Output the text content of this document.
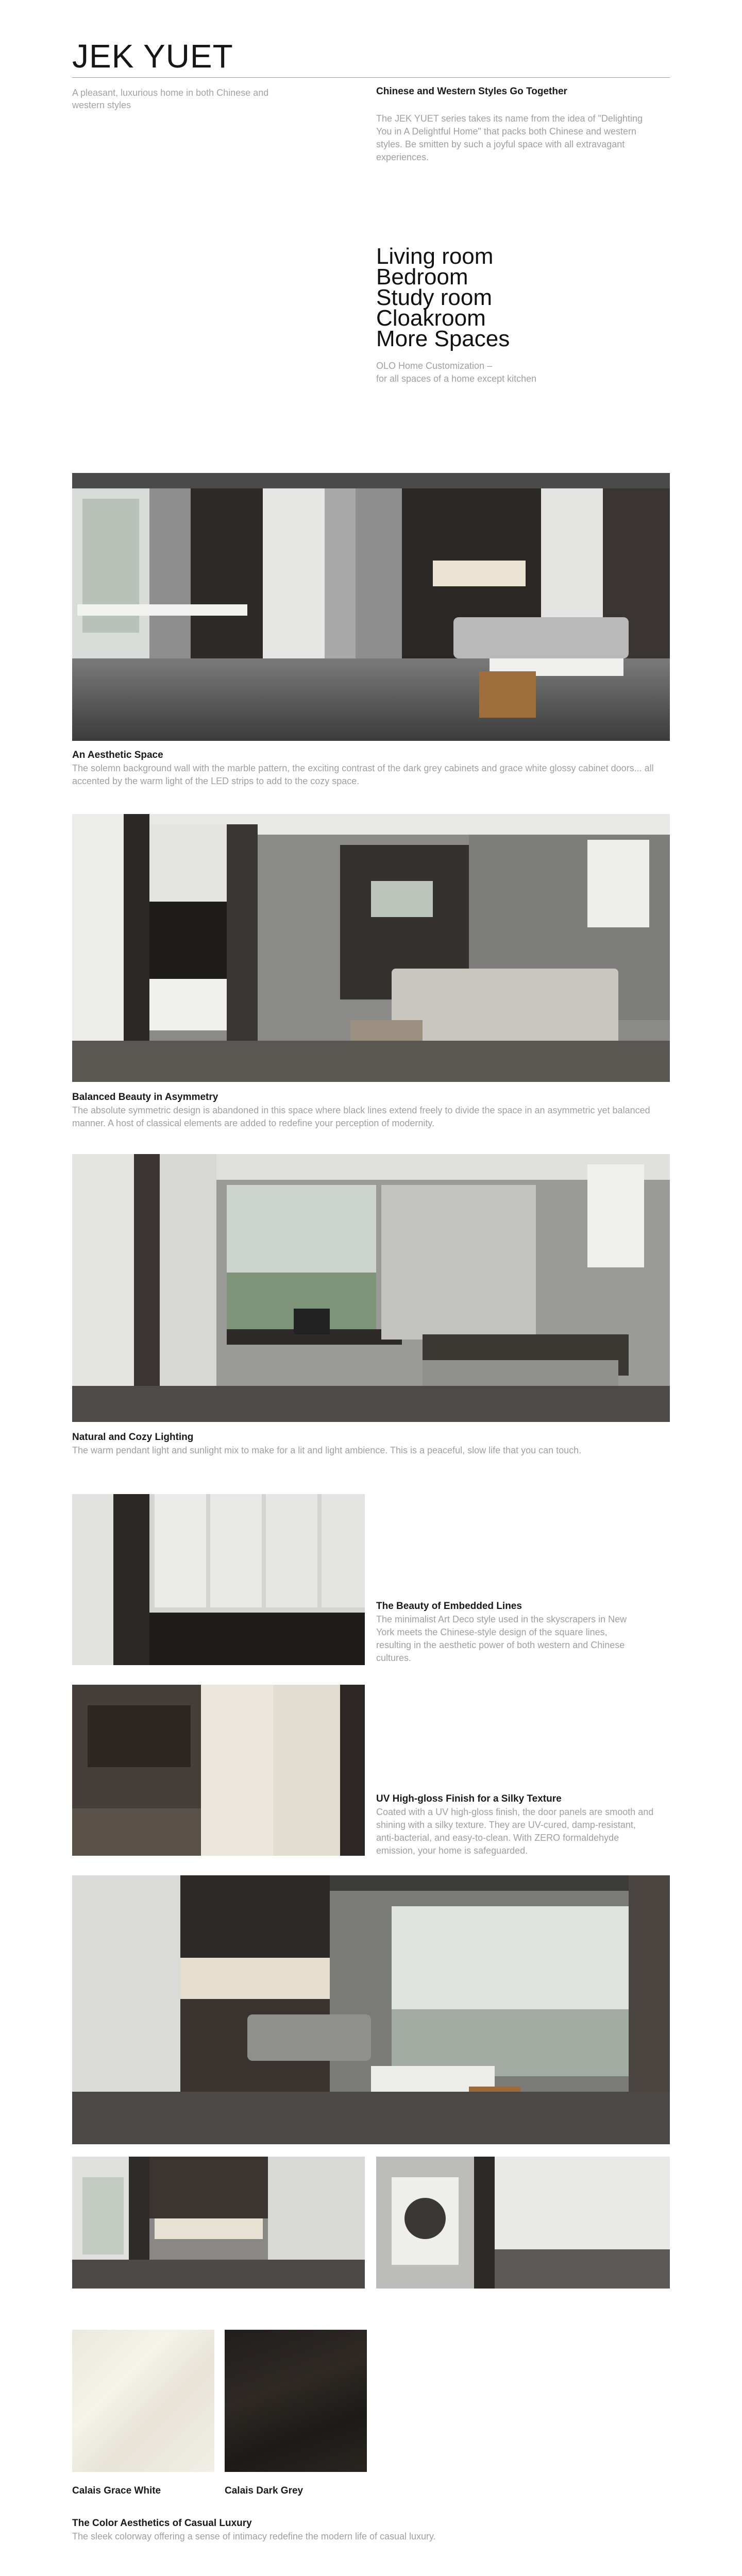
JEK YUET
A pleasant, luxurious home in both Chinese and western styles
Chinese and Western Styles Go Together
The JEK YUET series takes its name from the idea of "Delighting You in A Delightful Home" that packs both Chinese and western styles. Be smitten by such a joyful space with all extravagant experiences.
Living room
Bedroom
Study room
Cloakroom
More Spaces
OLO Home Customization –
for all spaces of a home except kitchen
An Aesthetic Space
The solemn background wall with the marble pattern, the exciting contrast of the dark grey cabinets and grace white glossy cabinet doors... all accented by the warm light of the LED strips to add to the cozy space.
Balanced Beauty in Asymmetry
The absolute symmetric design is abandoned in this space where black lines extend freely to divide the space in an asymmetric yet balanced manner. A host of classical elements are added to redefine your perception of modernity.
Natural and Cozy Lighting
The warm pendant light and sunlight mix to make for a lit and light ambience. This is a peaceful, slow life that you can touch.
The Beauty of Embedded Lines
The minimalist Art Deco style used in the skyscrapers in New York meets the Chinese-style design of the square lines, resulting in the aesthetic power of both western and Chinese cultures.
UV High-gloss Finish for a Silky Texture
Coated with a UV high-gloss finish, the door panels are smooth and shining with a silky texture. They are UV-cured, damp-resistant, anti-bacterial, and easy-to-clean. With ZERO formaldehyde emission, your home is safeguarded.
Calais Grace White	Calais Dark Grey
The Color Aesthetics of Casual Luxury
The sleek colorway offering a sense of intimacy redefine the modern life of casual luxury.
